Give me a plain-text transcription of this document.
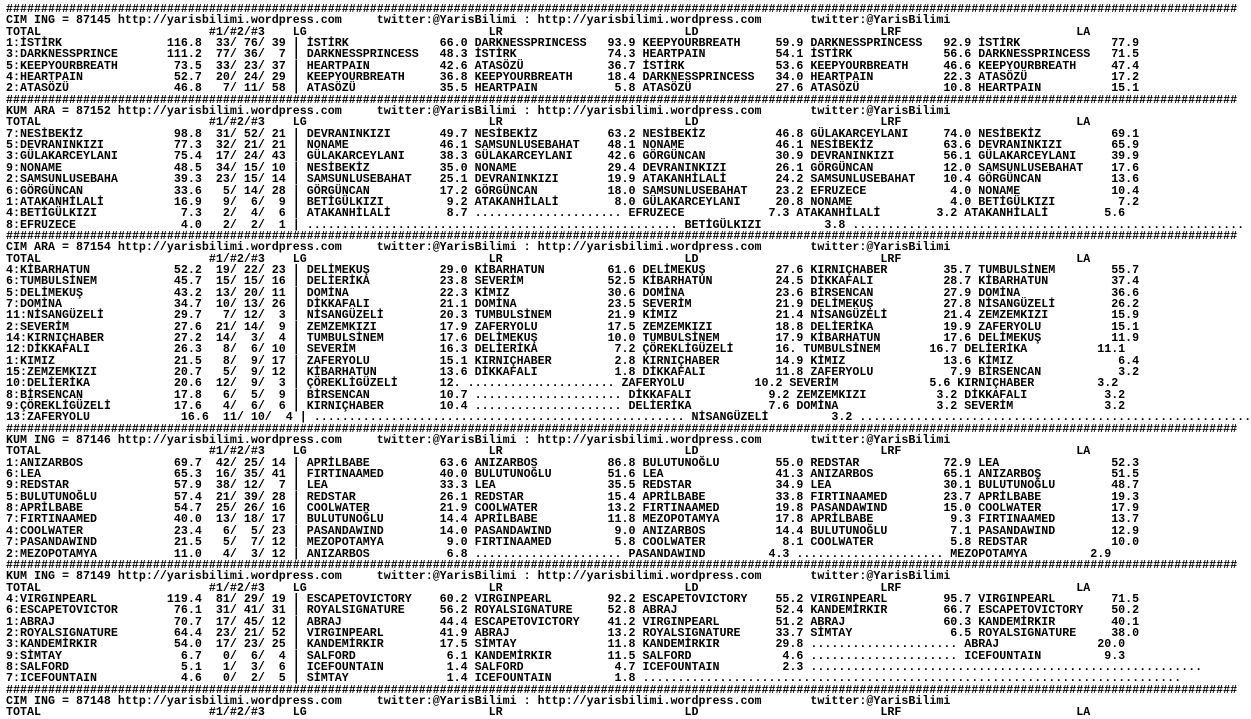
################################################################################################################################################################################
CIM ING = 87145 http://yarisbilimi.wordpress.com     twitter:@YarisBilimi : http://yarisbilimi.wordpress.com       twitter:@YarisBilimi
TOTAL                        #1/#2/#3    LG                          LR                          LD                          LRF                         LA
1:İSTİRK               116.8  33/ 76/ 39 | İSTİRK             66.0 DARKNESSPRINCESS   93.9 KEEPYOURBREATH     59.9 DARKNESSPRINCESS   92.9 İSTİRK             77.9
3:DARKNESSPRINCE       111.2  77/ 36/  7 | DARKNESSPRINCESS   48.3 İSTİRK             74.3 HEARTPAIN          54.1 İSTİRK             56.6 DARKNESSPRINCESS   71.5
5:KEEPYOURBREATH        73.5  33/ 23/ 37 | HEARTPAIN          42.6 ATASÖZÜ            36.7 İSTİRK             53.6 KEEPYOURBREATH     46.6 KEEPYOURBREATH     47.4
4:HEARTPAIN             52.7  20/ 24/ 29 | KEEPYOURBREATH     36.8 KEEPYOURBREATH     18.4 DARKNESSPRINCESS   34.0 HEARTPAIN          22.3 ATASÖZÜ            17.2
2:ATASÖZÜ               46.8   7/ 11/ 58 | ATASÖZÜ            35.5 HEARTPAIN           5.8 ATASÖZÜ            27.6 ATASÖZÜ            10.8 HEARTPAIN          15.1
################################################################################################################################################################################
KUM ARA = 87152 http://yarisbilimi.wordpress.com     twitter:@YarisBilimi : http://yarisbilimi.wordpress.com       twitter:@YarisBilimi
TOTAL                        #1/#2/#3    LG                          LR                          LD                          LRF                         LA
7:NESİBEKİZ             98.8  31/ 52/ 21 | DEVRANINKIZI       49.7 NESİBEKİZ          63.2 NESİBEKİZ          46.8 GÜLAKARCEYLANI     74.0 NESİBEKİZ          69.1
5:DEVRANINKIZI          77.3  32/ 21/ 21 | NONAME             46.1 SAMSUNLUSEBAHAT    48.1 NONAME             46.1 NESİBEKİZ          63.6 DEVRANINKIZI       65.9
3:GÜLAKARCEYLANI        75.4  17/ 24/ 43 | GÜLAKARCEYLANI     38.3 GÜLAKARCEYLANI     42.6 GÖRGÜNCAN          30.9 DEVRANINKIZI       56.1 GÜLAKARCEYLANI     39.9
9:NONAME                48.5  34/ 15/ 10 | NESİBEKİZ          35.0 NONAME             29.4 DEVRANINKIZI       26.1 GÖRGÜNCAN          12.0 SAMSUNLUSEBAHAT    17.6
2:SAMSUNLUSEBAHA        39.3  23/ 15/ 14 | SAMSUNLUSEBAHAT    25.1 DEVRANINKIZI       19.9 ATAKANHİLALİ       24.2 SAMSUNLUSEBAHAT    10.4 GÖRGÜNCAN          13.6
6:GÖRGÜNCAN             33.6   5/ 14/ 28 | GÖRGÜNCAN          17.2 GÖRGÜNCAN          18.0 SAMSUNLUSEBAHAT    23.2 EFRUZECE            4.0 NONAME             10.4
1:ATAKANHİLALİ          16.9   9/  6/  9 | BETİGÜLKIZI         9.2 ATAKANHİLALİ        8.0 GÜLAKARCEYLANI     20.8 NONAME              4.0 BETİGÜLKIZI         7.2
4:BETİGÜLKIZI            7.3   2/  4/  6 | ATAKANHİLALİ        8.7 ..................... EFRUZECE            7.3 ATAKANHİLALİ        3.2 ATAKANHİLALİ        5.6
8:EFRUZECE               4.0   2/  2/  1 | ..................................................... BETİGÜLKIZI         3.8 ........................................................
################################################################################################################################################################################
CIM ARA = 87154 http://yarisbilimi.wordpress.com     twitter:@YarisBilimi : http://yarisbilimi.wordpress.com       twitter:@YarisBilimi
TOTAL                        #1/#2/#3    LG                          LR                          LD                          LRF                         LA
4:KİBARHATUN            52.2  19/ 22/ 23 | DELİMEKUŞ          29.0 KİBARHATUN         61.6 DELİMEKUŞ          27.6 KIRNIÇHABER        35.7 TUMBULSİNEM        55.7
6:TUMBULSİNEM           45.7  15/ 15/ 16 | DELİERİKA          23.8 SEVERİM            52.5 KİBARHATUN         24.5 DİKKAFALI          28.7 KİBARHATUN         37.4
5:DELİMEKUŞ             43.2  13/ 20/ 11 | DOMİNA             22.3 KİMIZ              30.6 DOMİNA             23.6 BİRSENCAN          27.9 DOMİNA             36.6
7:DOMİNA                34.7  10/ 13/ 26 | DİKKAFALI          21.1 DOMİNA             23.5 SEVERİM            21.9 DELİMEKUŞ          27.8 NİSANGÜZELİ        26.2
11:NİSANGÜZELİ          29.7   7/ 12/  3 | NİSANGÜZELİ        20.3 TUMBULSİNEM        21.9 KİMIZ              21.4 NİSANGÜZELİ        21.4 ZEMZEMKIZI         15.9
2:SEVERİM               27.6  21/ 14/  9 | ZEMZEMKIZI         17.9 ZAFERYOLU          17.5 ZEMZEMKIZI         18.8 DELİERİKA          19.9 ZAFERYOLU          15.1
14:KIRNIÇHABER          27.2  14/  3/  4 | TUMBULSİNEM        17.6 DELİMEKUŞ          10.0 TUMBULSİNEM        17.9 KİBARHATUN         17.6 DELİMEKUŞ          11.9
12:DİKKAFALI            26.3   8/  6/ 10 | SEVERİM            16.3 DELİERİKA           7.2 ÇÖREKLİGÜZELİ      16. TUMBULSİNEM       16.7 DELİERİKA          11.1
1:KIMIZ                 21.5   8/  9/ 17 | ZAFERYOLU          15.1 KIRNIÇHABER         2.8 KIRNIÇHABER        14.9 KİMIZ              13.6 KİMIZ               6.4
15:ZEMZEMKIZI           20.7   5/  9/ 12 | KİBARHATUN         13.6 DİKKAFALI           1.8 DİKKAFALI          11.8 ZAFERYOLU           7.9 BİRSENCAN           3.2
10:DELİERİKA            20.6  12/  9/  3 | ÇÖREKLİGÜZELİ      12. ..................... ZAFERYOLU          10.2 SEVERİM             5.6 KIRNIÇHABER         3.2
8:BİRSENCAN             17.8   6/  5/  9 | BİRSENCAN          10.7 ..................... DİKKAFALI           9.2 ZEMZEMKIZI          3.2 DİKKAFALI           3.2
9:ÇÖREKLİGÜZELİ         17.6   4/  6/  6 | KIRNIÇHABER        10.4 ..................... DELİERİKA           7.6 DOMİNA              3.2 SEVERİM             3.2
13:ZAFERYOLU             16.6  11/ 10/  4 | ..................................................... NİSANGÜZELİ         3.2 ........................................................
################################################################################################################################################################################
KUM ING = 87146 http://yarisbilimi.wordpress.com     twitter:@YarisBilimi : http://yarisbilimi.wordpress.com       twitter:@YarisBilimi
TOTAL                        #1/#2/#3    LG                          LR                          LD                          LRF                         LA
1:ANIZARBOS             69.7  42/ 25/ 14 | APRİLBABE          63.6 ANIZARBOS          86.8 BULUTUNOĞLU        55.0 REDSTAR            72.9 LEA                52.3
6:LEA                   65.3  16/ 35/ 41 | FIRTINAAMED        40.0 BULUTUNOĞLU        51.6 LEA                41.3 ANIZARBOS          65.1 ANIZARBOŞ          51.5
9:REDSTAR               57.9  38/ 12/  7 | LEA                33.3 LEA                35.5 REDSTAR            34.9 LEA                30.1 BULUTUNOĞLU        48.7
5:BULUTUNOĞLU           57.4  21/ 39/ 28 | REDSTAR            26.1 REDSTAR            15.4 APRİLBABE          33.8 FIRTINAAMED        23.7 APRİLBABE          19.3
8:APRİLBABE             54.7  25/ 26/ 16 | COOLWATER          21.9 COOLWATER          13.2 FIRTINAAMED        19.8 PASANDAWIND        15.0 COOLWATER          17.9
7:FIRTINAAMED           40.0  13/ 18/ 17 | BULUTUNOĞLU        14.4 APRİLBABE          11.8 MEZOPOTAMYA        17.8 APRİLBABE           9.3 FIRTINAAMED        13.7
4:COOLWATER             23.4   6/  5/ 23 | PASANDAWIND        14.0 PASANDAWIND         9.0 ANIZARBOS          14.4 BULUTUNOĞLU         7.1 PASANDAWIND        12.9
7:PASANDAWIND           21.5   5/  7/ 12 | MEZOPOTAMYA         9.0 FIRTINAAMED         5.8 COOLWATER           8.1 COOLWATER           5.8 REDSTAR            10.0
2:MEZOPOTAMYA           11.0   4/  3/ 12 | ANIZARBOS           6.8 ..................... PASANDAWIND         4.3 ..................... MEZOPOTAMYA         2.9
################################################################################################################################################################################
KUM ING = 87149 http://yarisbilimi.wordpress.com     twitter:@YarisBilimi : http://yarisbilimi.wordpress.com       twitter:@YarisBilimi
TOTAL                        #1/#2/#3    LG                          LR                          LD                          LRF                         LA
4:VIRGINPEARL          119.4  81/ 29/ 19 | ESCAPETOVICTORY    60.2 VIRGINPEARL        92.2 ESCAPETOVICTORY    55.2 VIRGINPEARL        95.7 VIRGINPEARL        71.5
6:ESCAPETOVICTOR        76.1  31/ 41/ 31 | ROYALSIGNATURE     56.2 ROYALSIGNATURE     52.8 ABRAJ              52.4 KANDEMİRKIR        66.7 ESCAPETOVICTORY    50.2
1:ABRAJ                 70.7  17/ 45/ 12 | ABRAJ              44.4 ESCAPETOVICTORY    41.2 VIRGINPEARL        51.2 ABRAJ              60.3 KANDEMİRKIR        40.1
2:ROYALSIGNATURE        64.4  23/ 21/ 52 | VIRGINPEARL        41.9 ABRAJ              13.2 ROYALSIGNATURE     33.7 SİMTAY              6.5 ROYALSIGNATURE     38.0
3:KANDEMİRKIR           54.0  17/ 23/ 25 | KANDEMİRKIR        17.5 SİMTAY             11.8 KANDEMİRKIR        29.8 ..................... ABRAJ              20.0
9:SİMTAY                 6.7   0/  6/  4 | SALFORD             6.1 KANDEMİRKIR        11.5 SALFORD             4.6 ..................... ICEFOUNTAIN         9.3
8:SALFORD                5.1   1/  3/  6 | ICEFOUNTAIN         1.4 SALFORD             4.7 ICEFOUNTAIN         2.3 ........................................................
7:ICEFOUNTAIN            4.6   0/  2/  5 | SİMTAY              1.4 ICEFOUNTAIN         1.8 .............................................................................
################################################################################################################################################################################
CIM ING = 87148 http://yarisbilimi.wordpress.com     twitter:@YarisBilimi : http://yarisbilimi.wordpress.com       twitter:@YarisBilimi
TOTAL                        #1/#2/#3    LG                          LR                          LD                          LRF                         LA
